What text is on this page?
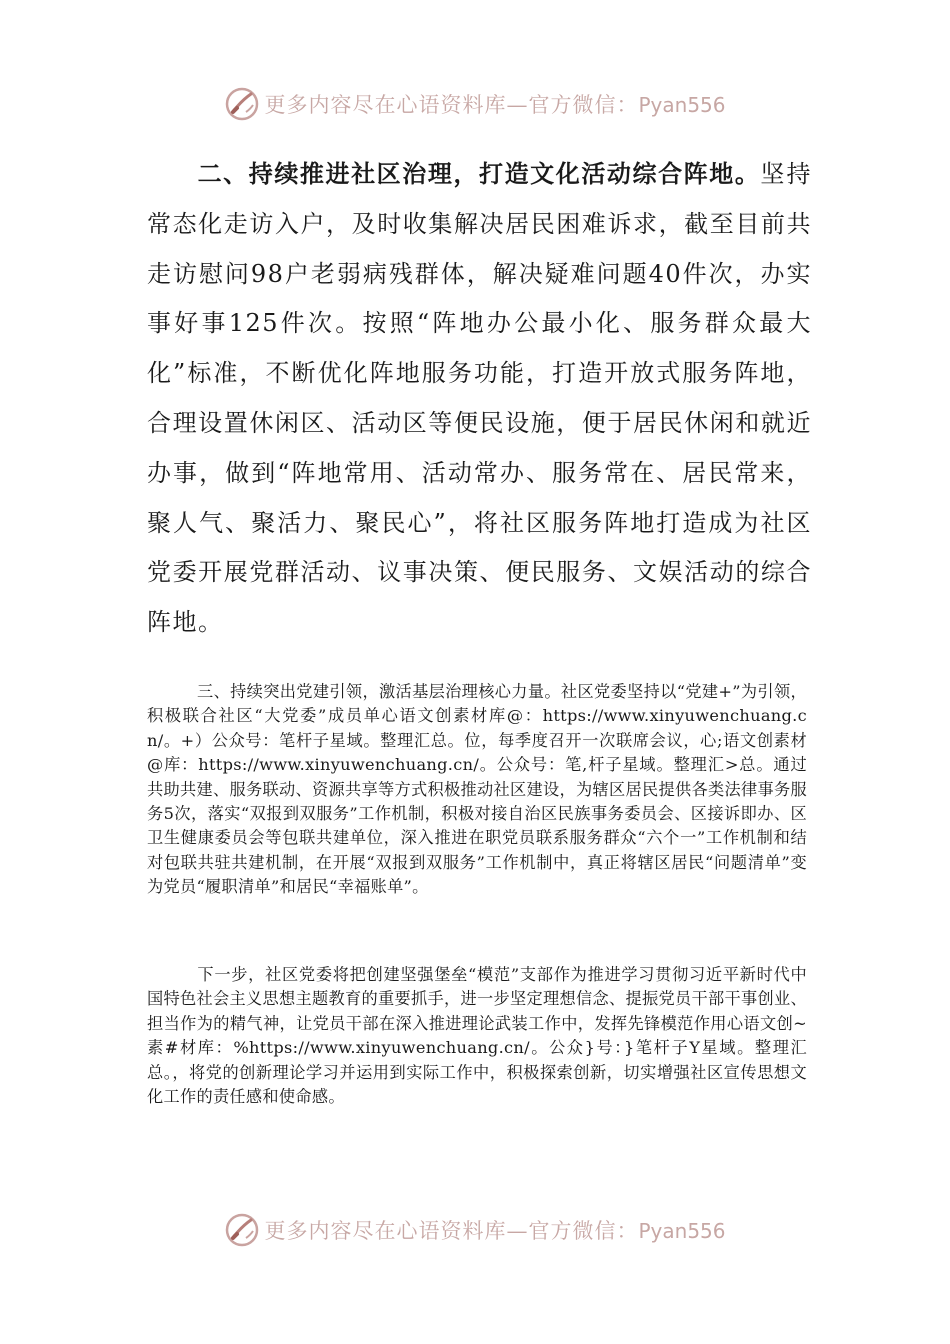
更多内容尽在心语资料库—官方微信：Pyan556

二、持续推进社区治理，打造文化活动综合阵地。坚持常态化走访入户，及时收集解决居民困难诉求，截至目前共走访慰问98户老弱病残群体，解决疑难问题40件次，办实事好事125件次。按照“阵地办公最小化、服务群众最大化”标准，不断优化阵地服务功能，打造开放式服务阵地，合理设置休闲区、活动区等便民设施，便于居民休闲和就近办事，做到“阵地常用、活动常办、服务常在、居民常来，聚人气、聚活力、聚民心”，将社区服务阵地打造成为社区党委开展党群活动、议事决策、便民服务、文娱活动的综合阵地。

三、持续突出党建引领，激活基层治理核心力量。社区党委坚持以“党建+”为引领，积极联合社区“大党委”成员单心语文创素材库@：https://www.xinyuwenchuang.cn/。+）公众号：笔杆子星域。整理汇总。位，每季度召开一次联席会议，心;语文创素材@库：https://www.xinyuwenchuang.cn/。公众号：笔,杆子星域。整理汇>总。通过共助共建、服务联动、资源共享等方式积极推动社区建设，为辖区居民提供各类法律事务服务5次，落实“双报到双服务”工作机制，积极对接自治区民族事务委员会、区接诉即办、区卫生健康委员会等包联共建单位，深入推进在职党员联系服务群众“六个一”工作机制和结对包联共驻共建机制，在开展“双报到双服务”工作机制中，真正将辖区居民“问题清单”变为党员“履职清单”和居民“幸福账单”。

下一步，社区党委将把创建坚强堡垒“模范”支部作为推进学习贯彻习近平新时代中国特色社会主义思想主题教育的重要抓手，进一步坚定理想信念、提振党员干部干事创业、担当作为的精气神，让党员干部在深入推进理论武装工作中，发挥先锋模范作用心语文创~素#材库：%https://www.xinyuwenchuang.cn/。公众}号：}笔杆子Y星域。整理汇总。，将党的创新理论学习并运用到实际工作中，积极探索创新，切实增强社区宣传思想文化工作的责任感和使命感。

更多内容尽在心语资料库—官方微信：Pyan556
